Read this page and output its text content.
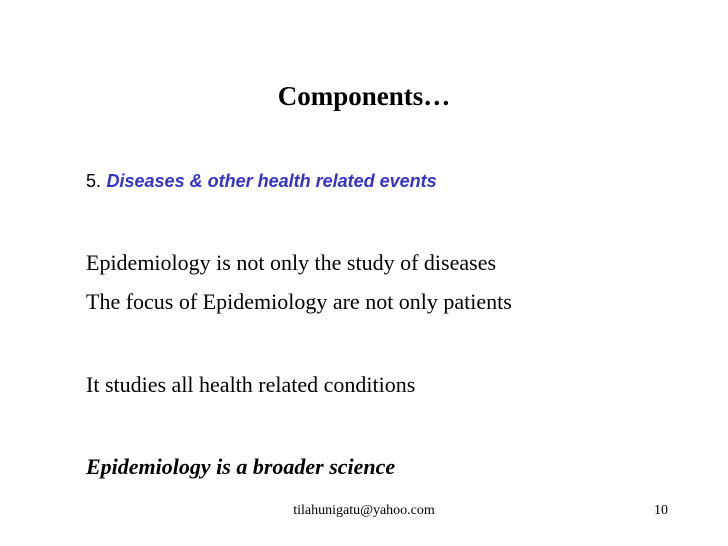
Components…

5. Diseases & other health related events

Epidemiology is not only the study of diseases

The focus of Epidemiology are not only patients

It studies all health related conditions

Epidemiology is a broader science

tilahunigatu@yahoo.com	10
